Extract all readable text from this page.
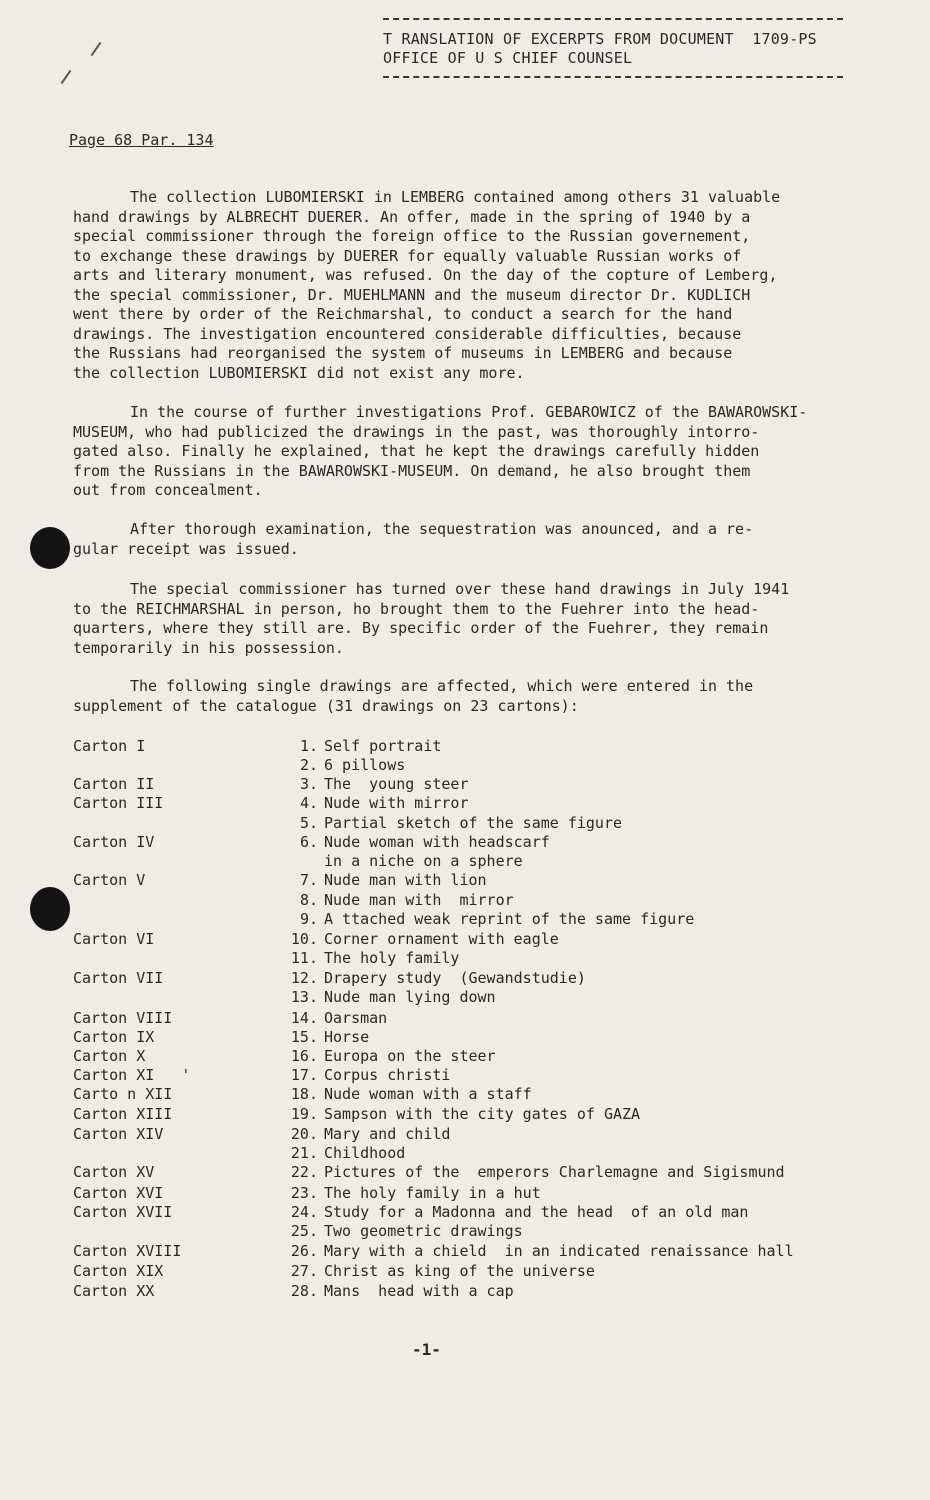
T RANSLATION OF EXCERPTS FROM DOCUMENT  1709-PS
OFFICE OF U S CHIEF COUNSEL
Page 68 Par. 134

The collection LUBOMIERSKI in LEMBERG contained among others 31 valuable
hand drawings by ALBRECHT DUERER. An offer, made in the spring of 1940 by a
special commissioner through the foreign office to the Russian governement,
to exchange these drawings by DUERER for equally valuable Russian works of
arts and literary monument, was refused. On the day of the copture of Lemberg,
the special commissioner, Dr. MUEHLMANN and the museum director Dr. KUDLICH
went there by order of the Reichmarshal, to conduct a search for the hand
drawings. The investigation encountered considerable difficulties, because
the Russians had reorganised the system of museums in LEMBERG and because
the collection LUBOMIERSKI did not exist any more.

In the course of further investigations Prof. GEBAROWICZ of the BAWAROWSKI-
MUSEUM, who had publicized the drawings in the past, was thoroughly intorro-
gated also. Finally he explained, that he kept the drawings carefully hidden
from the Russians in the BAWAROWSKI-MUSEUM. On demand, he also brought them
out from concealment.

After thorough examination, the sequestration was anounced, and a re-
gular receipt was issued.

The special commissioner has turned over these hand drawings in July 1941
to the REICHMARSHAL in person, ho brought them to the Fuehrer into the head-
quarters, where they still are. By specific order of the Fuehrer, they remain
temporarily in his possession.

The following single drawings are affected, which were entered in the
supplement of the catalogue (31 drawings on 23 cartons):

Carton I	1. Self portrait
2. 6 pillows
Carton II	3. The  young steer
Carton III	4. Nude with mirror
5. Partial sketch of the same figure
Carton IV	6. Nude woman with headscarf
in a niche on a sphere
Carton V	7. Nude man with lion
8. Nude man with  mirror
9. A ttached weak reprint of the same figure
Carton VI	10. Corner ornament with eagle
11. The holy family
Carton VII	12. Drapery study  (Gewandstudie)
13. Nude man lying down
Carton VIII	14. Oarsman
Carton IX	15. Horse
Carton X	16. Europa on the steer
Carton XI   '	17. Corpus christi
Carto n XII	18. Nude woman with a staff
Carton XIII	19. Sampson with the city gates of GAZA
Carton XIV	20. Mary and child
21. Childhood
Carton XV	22. Pictures of the  emperors Charlemagne and Sigismund
Carton XVI	23. The holy family in a hut
Carton XVII	24. Study for a Madonna and the head  of an old man
25. Two geometric drawings
Carton XVIII	26. Mary with a chield  in an indicated renaissance hall
Carton XIX	27. Christ as king of the universe
Carton XX	28. Mans  head with a cap
-1-
